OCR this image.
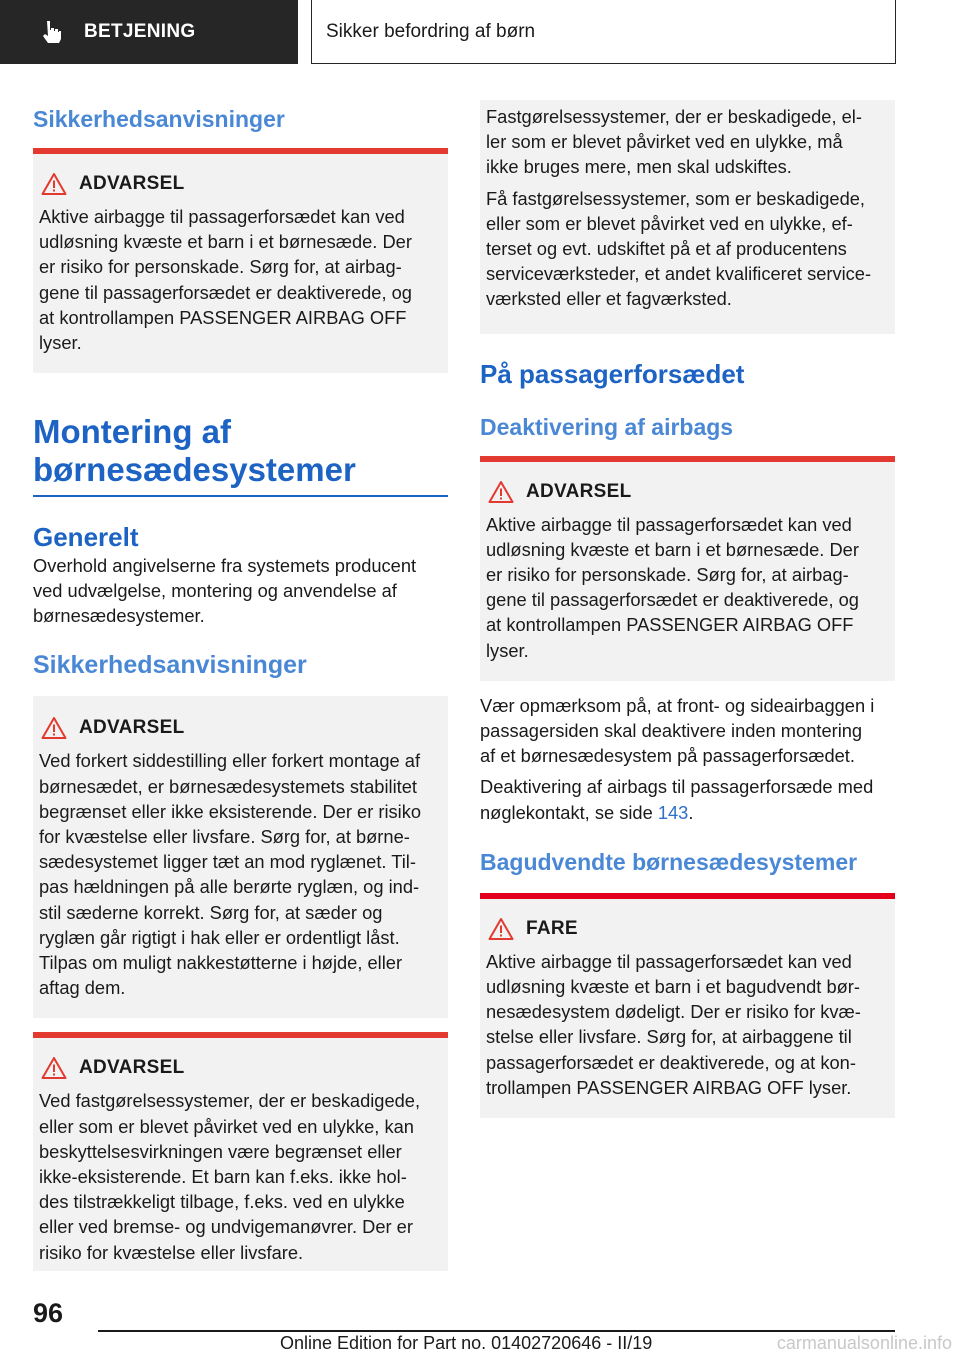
BETJENING	Sikker befordring af børn
Sikkerhedsanvisninger
ADVARSEL
Aktive airbagge til passagerforsædet kan ved
udløsning kvæste et barn i et børnesæde. Der
er risiko for personskade. Sørg for, at airbag-
gene til passagerforsædet er deaktiverede, og
at kontrollampen PASSENGER AIRBAG OFF
lyser.
Montering af
børnesædesystemer
Generelt
Overhold angivelserne fra systemets producent
ved udvælgelse, montering og anvendelse af
børnesædesystemer.
Sikkerhedsanvisninger
ADVARSEL
Ved forkert siddestilling eller forkert montage af
børnesædet, er børnesædesystemets stabilitet
begrænset eller ikke eksisterende. Der er risiko
for kvæstelse eller livsfare. Sørg for, at børne-
sædesystemet ligger tæt an mod ryglænet. Til-
pas hældningen på alle berørte ryglæn, og ind-
stil sæderne korrekt. Sørg for, at sæder og
ryglæn går rigtigt i hak eller er ordentligt låst.
Tilpas om muligt nakkestøtterne i højde, eller
aftag dem.
ADVARSEL
Ved fastgørelsessystemer, der er beskadigede,
eller som er blevet påvirket ved en ulykke, kan
beskyttelsesvirkningen være begrænset eller
ikke-eksisterende. Et barn kan f.eks. ikke hol-
des tilstrækkeligt tilbage, f.eks. ved en ulykke
eller ved bremse- og undvigemanøvrer. Der er
risiko for kvæstelse eller livsfare.
Fastgørelsessystemer, der er beskadigede, el-
ler som er blevet påvirket ved en ulykke, må
ikke bruges mere, men skal udskiftes.
Få fastgørelsessystemer, som er beskadigede,
eller som er blevet påvirket ved en ulykke, ef-
terset og evt. udskiftet på et af producentens
serviceværksteder, et andet kvalificeret service-
værksted eller et fagværksted.
På passagerforsædet
Deaktivering af airbags
ADVARSEL
Aktive airbagge til passagerforsædet kan ved
udløsning kvæste et barn i et børnesæde. Der
er risiko for personskade. Sørg for, at airbag-
gene til passagerforsædet er deaktiverede, og
at kontrollampen PASSENGER AIRBAG OFF
lyser.
Vær opmærksom på, at front- og sideairbaggen i
passagersiden skal deaktivere inden montering
af et børnesædesystem på passagerforsædet.
Deaktivering af airbags til passagerforsæde med
nøglekontakt, se side 143.
Bagudvendte børnesædesystemer
FARE
Aktive airbagge til passagerforsædet kan ved
udløsning kvæste et barn i et bagudvendt bør-
nesædesystem dødeligt. Der er risiko for kvæ-
stelse eller livsfare. Sørg for, at airbaggene til
passagerforsædet er deaktiverede, og at kon-
trollampen PASSENGER AIRBAG OFF lyser.
96
Online Edition for Part no. 01402720646 - II/19	carmanualsonline.info
